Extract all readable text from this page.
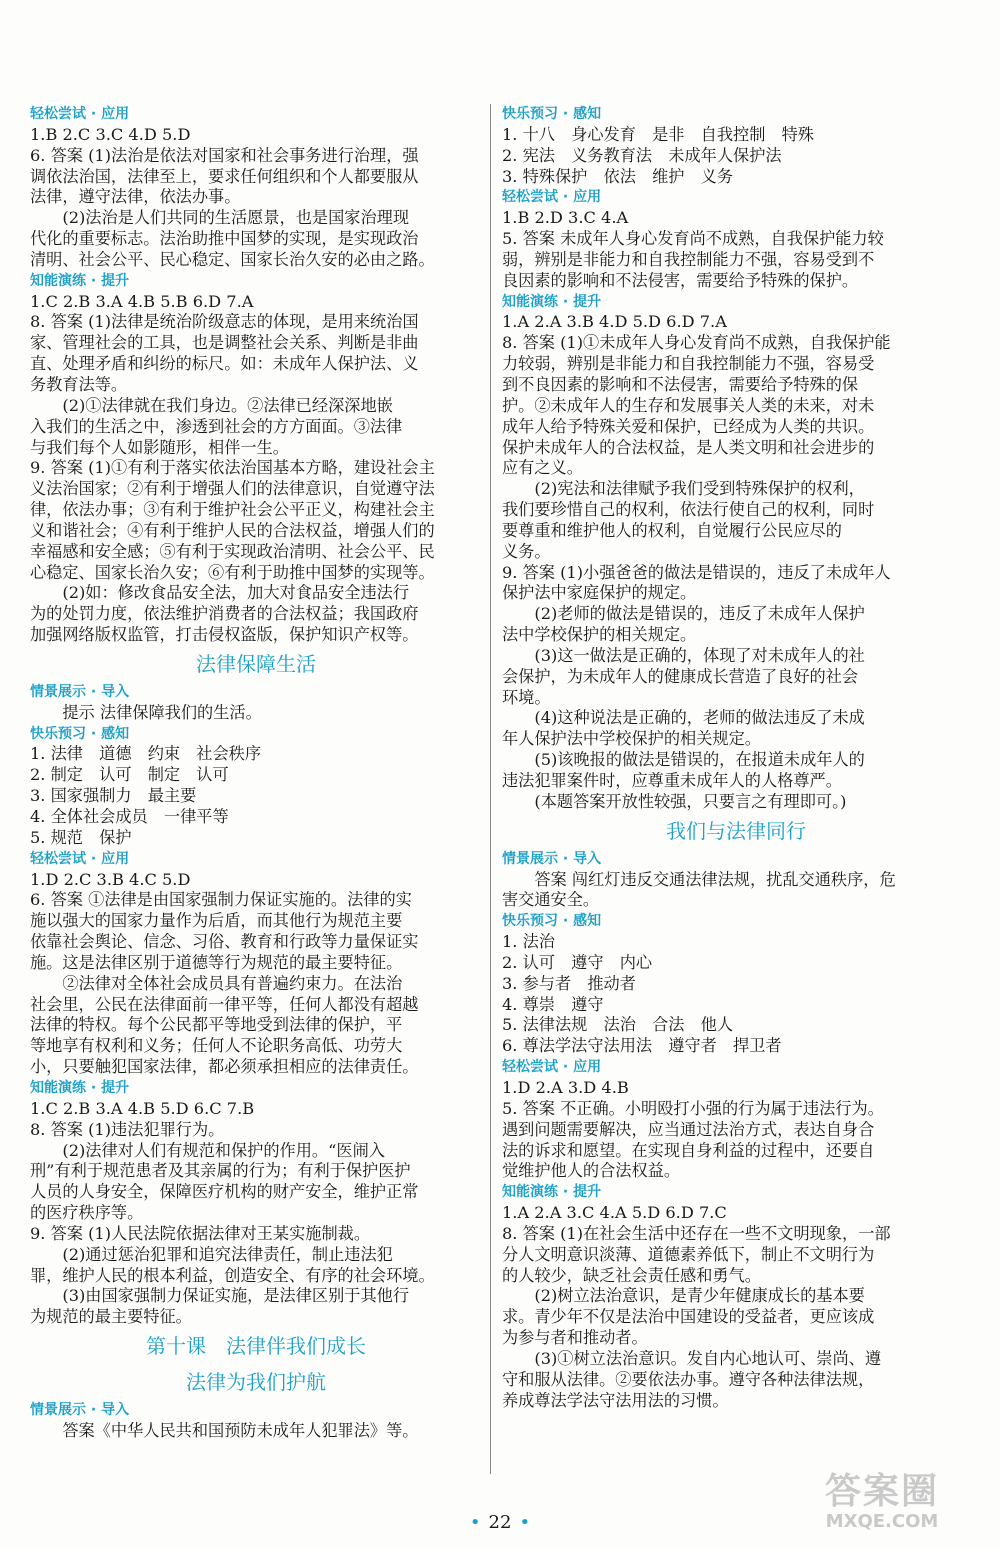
轻松尝试 · 应用
1.B 2.C 3.C 4.D 5.D
6. 答案 (1)法治是依法对国家和社会事务进行治理，强
调依法治国，法律至上，要求任何组织和个人都要服从
法律，遵守法律，依法办事。
　　(2)法治是人们共同的生活愿景，也是国家治理现
代化的重要标志。法治助推中国梦的实现，是实现政治
清明、社会公平、民心稳定、国家长治久安的必由之路。
知能演练 · 提升
1.C 2.B 3.A 4.B 5.B 6.D 7.A
8. 答案 (1)法律是统治阶级意志的体现，是用来统治国
家、管理社会的工具，也是调整社会关系、判断是非曲
直、处理矛盾和纠纷的标尺。如：未成年人保护法、义
务教育法等。
　　(2)①法律就在我们身边。②法律已经深深地嵌
入我们的生活之中，渗透到社会的方方面面。③法律
与我们每个人如影随形，相伴一生。
9. 答案 (1)①有利于落实依法治国基本方略，建设社会主
义法治国家；②有利于增强人们的法律意识，自觉遵守法
律，依法办事；③有利于维护社会公平正义，构建社会主
义和谐社会；④有利于维护人民的合法权益，增强人们的
幸福感和安全感；⑤有利于实现政治清明、社会公平、民
心稳定、国家长治久安；⑥有利于助推中国梦的实现等。
　　(2)如：修改食品安全法，加大对食品安全违法行
为的处罚力度，依法维护消费者的合法权益；我国政府
加强网络版权监管，打击侵权盗版，保护知识产权等。
法律保障生活
情景展示 · 导入
　　提示 法律保障我们的生活。
快乐预习 · 感知
1. 法律　道德　约束　社会秩序
2. 制定　认可　制定　认可
3. 国家强制力　最主要
4. 全体社会成员　一律平等
5. 规范　保护
轻松尝试 · 应用
1.D 2.C 3.B 4.C 5.D
6. 答案 ①法律是由国家强制力保证实施的。法律的实
施以强大的国家力量作为后盾，而其他行为规范主要
依靠社会舆论、信念、习俗、教育和行政等力量保证实
施。这是法律区别于道德等行为规范的最主要特征。
　　②法律对全体社会成员具有普遍约束力。在法治
社会里，公民在法律面前一律平等，任何人都没有超越
法律的特权。每个公民都平等地受到法律的保护，平
等地享有权利和义务；任何人不论职务高低、功劳大
小，只要触犯国家法律，都必须承担相应的法律责任。
知能演练 · 提升
1.C 2.B 3.A 4.B 5.D 6.C 7.B
8. 答案 (1)违法犯罪行为。
　　(2)法律对人们有规范和保护的作用。“医闹入
刑”有利于规范患者及其亲属的行为；有利于保护医护
人员的人身安全，保障医疗机构的财产安全，维护正常
的医疗秩序等。
9. 答案 (1)人民法院依据法律对王某实施制裁。
　　(2)通过惩治犯罪和追究法律责任，制止违法犯
罪，维护人民的根本利益，创造安全、有序的社会环境。
　　(3)由国家强制力保证实施，是法律区别于其他行
为规范的最主要特征。
第十课　法律伴我们成长
法律为我们护航
情景展示 · 导入
　　答案《中华人民共和国预防未成年人犯罪法》等。
快乐预习 · 感知
1. 十八　身心发育　是非　自我控制　特殊
2. 宪法　义务教育法　未成年人保护法
3. 特殊保护　依法　维护　义务
轻松尝试 · 应用
1.B 2.D 3.C 4.A
5. 答案 未成年人身心发育尚不成熟，自我保护能力较
弱，辨别是非能力和自我控制能力不强，容易受到不
良因素的影响和不法侵害，需要给予特殊的保护。
知能演练 · 提升
1.A 2.A 3.B 4.D 5.D 6.D 7.A
8. 答案 (1)①未成年人身心发育尚不成熟，自我保护能
力较弱，辨别是非能力和自我控制能力不强，容易受
到不良因素的影响和不法侵害，需要给予特殊的保
护。②未成年人的生存和发展事关人类的未来，对未
成年人给予特殊关爱和保护，已经成为人类的共识。
保护未成年人的合法权益，是人类文明和社会进步的
应有之义。
　　(2)宪法和法律赋予我们受到特殊保护的权利，
我们要珍惜自己的权利，依法行使自己的权利，同时
要尊重和维护他人的权利，自觉履行公民应尽的
义务。
9. 答案 (1)小强爸爸的做法是错误的，违反了未成年人
保护法中家庭保护的规定。
　　(2)老师的做法是错误的，违反了未成年人保护
法中学校保护的相关规定。
　　(3)这一做法是正确的，体现了对未成年人的社
会保护，为未成年人的健康成长营造了良好的社会
环境。
　　(4)这种说法是正确的，老师的做法违反了未成
年人保护法中学校保护的相关规定。
　　(5)该晚报的做法是错误的，在报道未成年人的
违法犯罪案件时，应尊重未成年人的人格尊严。
　　(本题答案开放性较强，只要言之有理即可。)
我们与法律同行
情景展示 · 导入
　　答案 闯红灯违反交通法律法规，扰乱交通秩序，危
害交通安全。
快乐预习 · 感知
1. 法治
2. 认可　遵守　内心
3. 参与者　推动者
4. 尊崇　遵守
5. 法律法规　法治　合法　他人
6. 尊法学法守法用法　遵守者　捍卫者
轻松尝试 · 应用
1.D 2.A 3.D 4.B
5. 答案 不正确。小明殴打小强的行为属于违法行为。
遇到问题需要解决，应当通过法治方式，表达自身合
法的诉求和愿望。在实现自身利益的过程中，还要自
觉维护他人的合法权益。
知能演练 · 提升
1.A 2.A 3.C 4.A 5.D 6.D 7.C
8. 答案 (1)在社会生活中还存在一些不文明现象，一部
分人文明意识淡薄、道德素养低下，制止不文明行为
的人较少，缺乏社会责任感和勇气。
　　(2)树立法治意识，是青少年健康成长的基本要
求。青少年不仅是法治中国建设的受益者，更应该成
为参与者和推动者。
　　(3)①树立法治意识。发自内心地认可、崇尚、遵
守和服从法律。②要依法办事。遵守各种法律法规，
养成尊法学法守法用法的习惯。
• 22 •
答案圈
MXQE.COM
